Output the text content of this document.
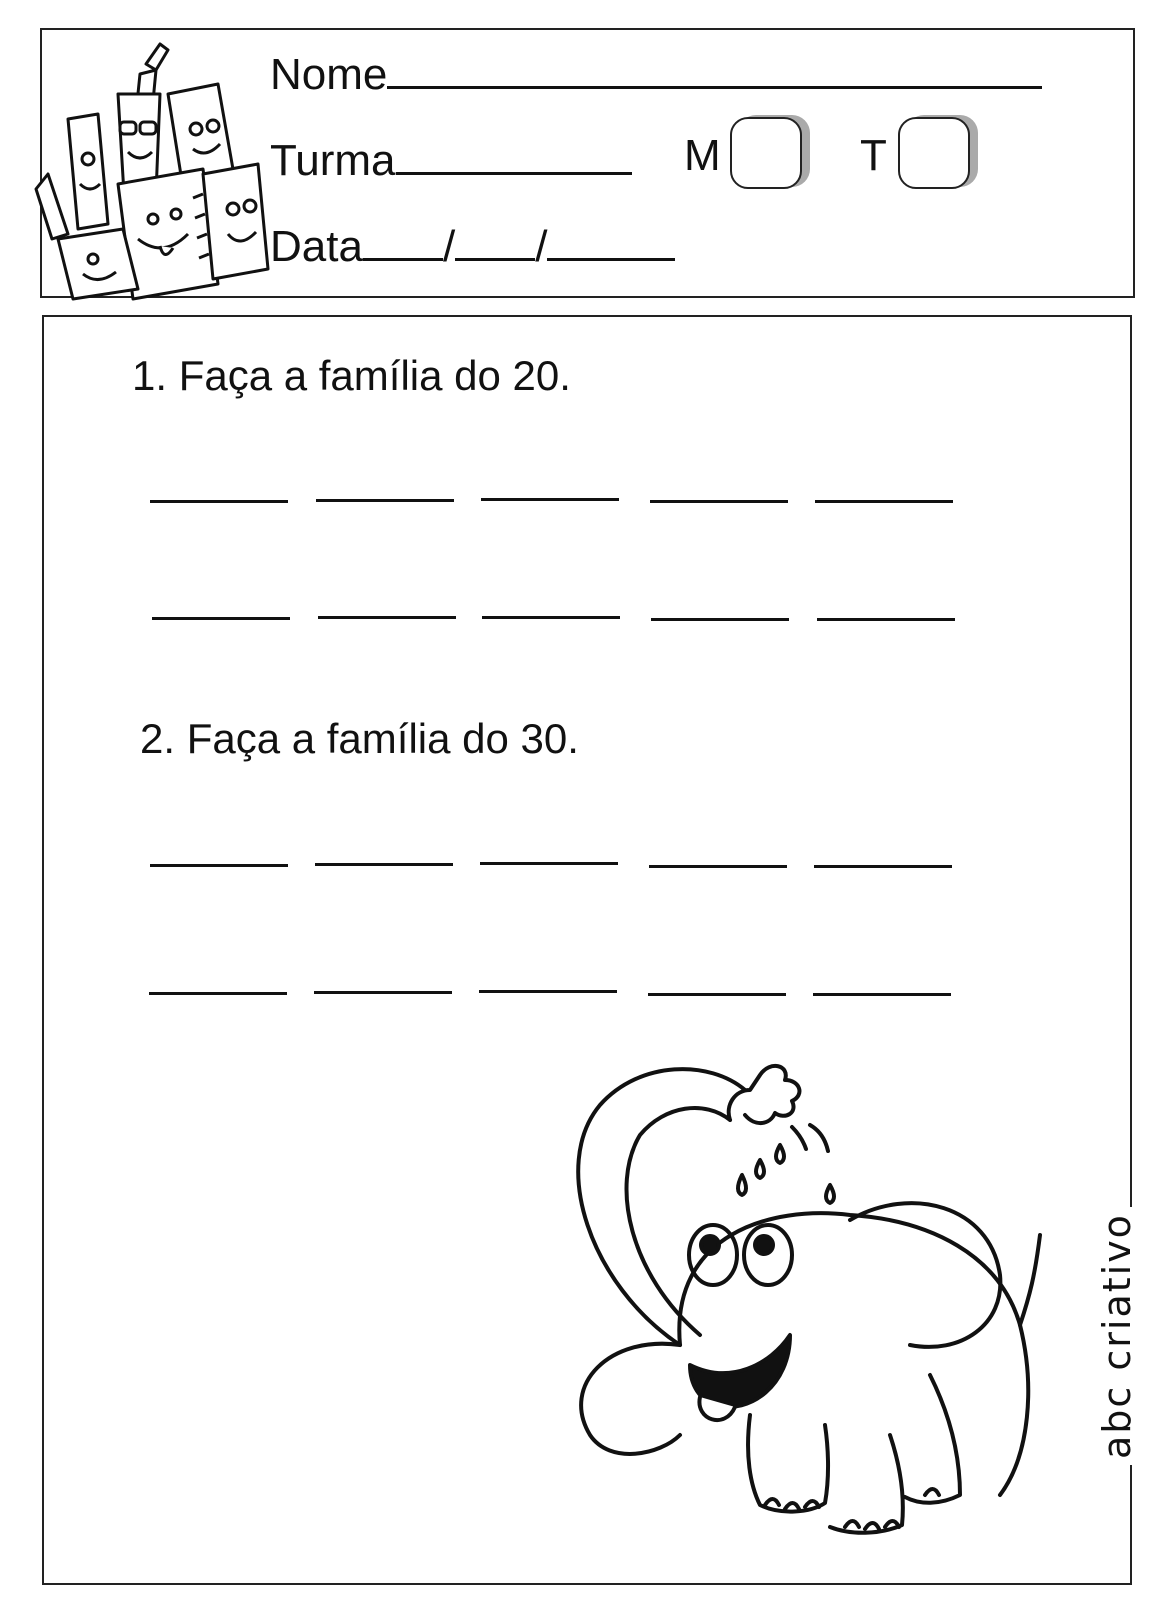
Nome
Turma	M	T
Data / /
1. Faça a família do 20.
2. Faça a família do 30.
abc criativo
